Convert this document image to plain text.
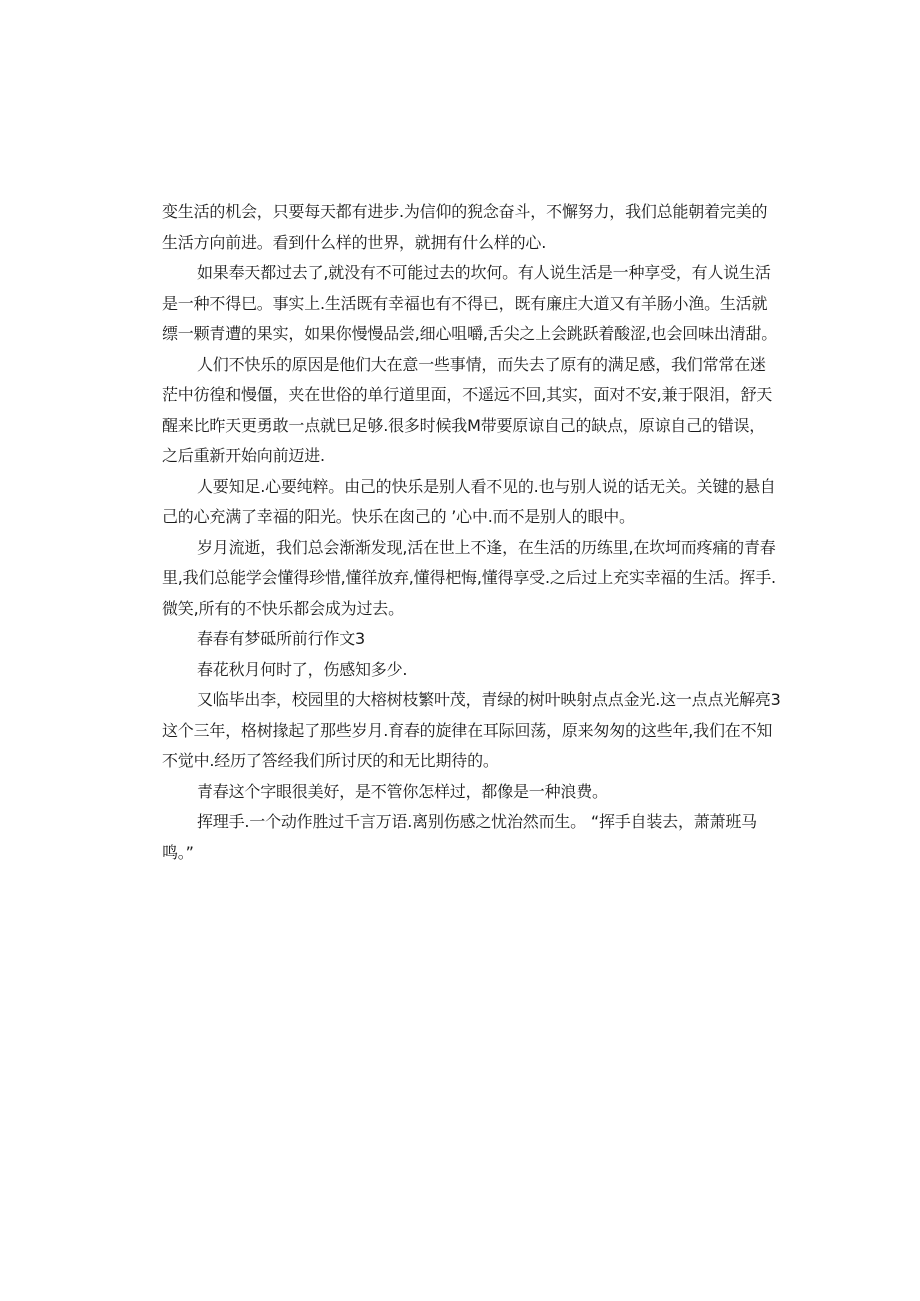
变生活的机会，只要每天都有进步.为信仰的猊念奋斗，不懈努力，我们总能朝着完美的
生活方向前进。看到什么样的世界，就拥有什么样的心.
如果奉天都过去了,就没有不可能过去的坎何。有人说生活是一种享受，有人说生活
是一种不得巳。事实上.生活既有幸福也有不得已，既有廉庄大道又有羊肠小渔。生活就
缥一颗青遭的果实，如果你慢慢品尝,细心咀嚼,舌尖之上会跳跃着酸涩,也会回味出清甜。
人们不快乐的原因是他们大在意一些事情，而失去了原有的满足感，我们常常在迷
茫中彷徨和慢僵，夹在世俗的单行道里面，不遥远不回,其实，面对不安,兼于限泪，舒天
醒来比昨天更勇敢一点就巳足够.很多时候我M带要原谅自己的缺点，原谅自己的错误，
之后重新开始向前迈进.
人要知足.心要纯粹。由己的快乐是别人看不见的.也与别人说的话无关。关键的悬自
己的心充满了幸福的阳光。快乐在囱己的 ’心中.而不是别人的眼中。
岁月流逝，我们总会渐渐发现,活在世上不逢，在生活的历练里,在坎坷而疼痛的青春
里,我们总能学会懂得珍惜,懂徉放弃,懂得杷悔,懂得享受.之后过上充实幸福的生活。挥手.
微笑,所有的不快乐都会成为过去。
春春有梦砥所前行作文3
春花秋月何时了，伤感知多少.
又临毕出李，校园里的大榕树枝繁叶茂，青绿的树叶映射点点金光.这一点点光解亮3
这个三年，格树掾起了那些岁月.育春的旋律在耳际回荡，原来匆匆的这些年,我们在不知
不觉中.经历了答经我们所讨厌的和无比期待的。
青春这个字眼很美好，是不管你怎样过，都像是一种浪费。
挥理手.一个动作胜过千言万语.离别伤感之忧治然而生。 “挥手自装去，萧萧班马
鸣。”
